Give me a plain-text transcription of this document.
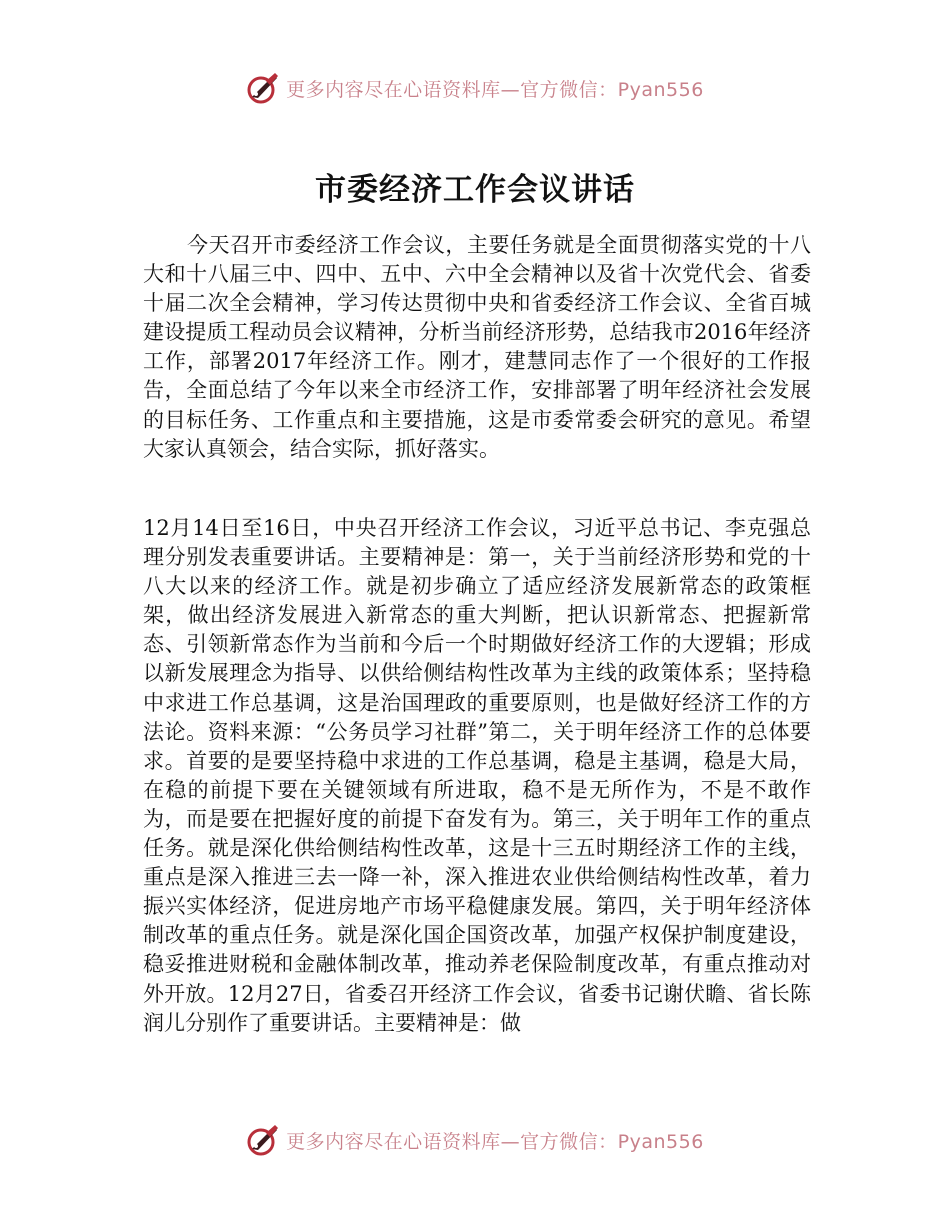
更多内容尽在心语资料库—官方微信：Pyan556
市委经济工作会议讲话

今天召开市委经济工作会议，主要任务就是全面贯彻落实党的十八大和十八届三中、四中、五中、六中全会精神以及省十次党代会、省委十届二次全会精神，学习传达贯彻中央和省委经济工作会议、全省百城建设提质工程动员会议精神，分析当前经济形势，总结我市2016年经济工作，部署2017年经济工作。刚才，建慧同志作了一个很好的工作报告，全面总结了今年以来全市经济工作，安排部署了明年经济社会发展的目标任务、工作重点和主要措施，这是市委常委会研究的意见。希望大家认真领会，结合实际，抓好落实。

12月14日至16日，中央召开经济工作会议，习近平总书记、李克强总理分别发表重要讲话。主要精神是：第一，关于当前经济形势和党的十八大以来的经济工作。就是初步确立了适应经济发展新常态的政策框架，做出经济发展进入新常态的重大判断，把认识新常态、把握新常态、引领新常态作为当前和今后一个时期做好经济工作的大逻辑；形成以新发展理念为指导、以供给侧结构性改革为主线的政策体系；坚持稳中求进工作总基调，这是治国理政的重要原则，也是做好经济工作的方法论。资料来源：“公务员学习社群”第二，关于明年经济工作的总体要求。首要的是要坚持稳中求进的工作总基调，稳是主基调，稳是大局，在稳的前提下要在关键领域有所进取，稳不是无所作为，不是不敢作为，而是要在把握好度的前提下奋发有为。第三，关于明年工作的重点任务。就是深化供给侧结构性改革，这是十三五时期经济工作的主线，重点是深入推进三去一降一补，深入推进农业供给侧结构性改革，着力振兴实体经济，促进房地产市场平稳健康发展。第四，关于明年经济体制改革的重点任务。就是深化国企国资改革，加强产权保护制度建设，稳妥推进财税和金融体制改革，推动养老保险制度改革，有重点推动对外开放。12月27日，省委召开经济工作会议，省委书记谢伏瞻、省长陈润儿分别作了重要讲话。主要精神是：做

更多内容尽在心语资料库—官方微信：Pyan556
